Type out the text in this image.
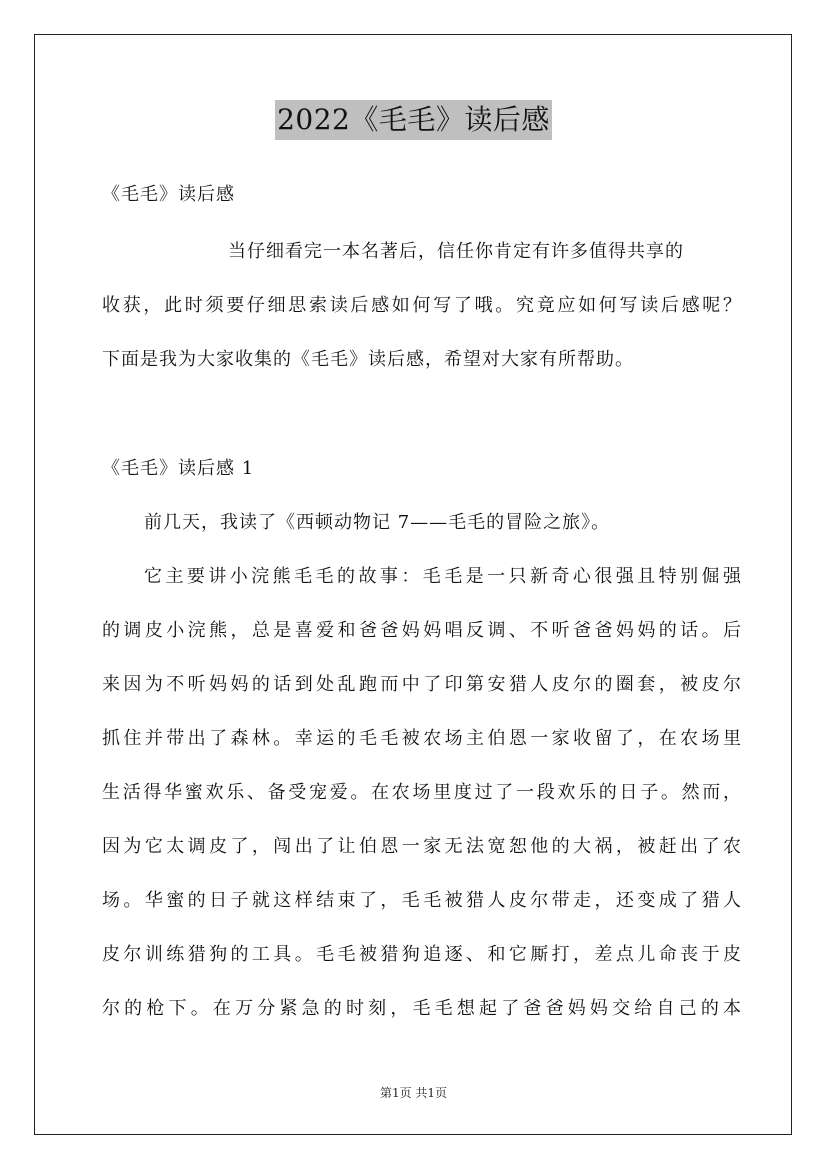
2022《毛毛》读后感
《毛毛》读后感
当仔细看完一本名著后，信任你肯定有许多值得共享的
收获，此时须要仔细思索读后感如何写了哦。究竟应如何写读后感呢？
下面是我为大家收集的《毛毛》读后感，希望对大家有所帮助。
《毛毛》读后感 1
前几天，我读了《西顿动物记 7——毛毛的冒险之旅》。
它主要讲小浣熊毛毛的故事：毛毛是一只新奇心很强且特别倔强
的调皮小浣熊，总是喜爱和爸爸妈妈唱反调、不听爸爸妈妈的话。后
来因为不听妈妈的话到处乱跑而中了印第安猎人皮尔的圈套，被皮尔
抓住并带出了森林。幸运的毛毛被农场主伯恩一家收留了，在农场里
生活得华蜜欢乐、备受宠爱。在农场里度过了一段欢乐的日子。然而，
因为它太调皮了，闯出了让伯恩一家无法宽恕他的大祸，被赶出了农
场。华蜜的日子就这样结束了，毛毛被猎人皮尔带走，还变成了猎人
皮尔训练猎狗的工具。毛毛被猎狗追逐、和它厮打，差点儿命丧于皮
尔的枪下。在万分紧急的时刻，毛毛想起了爸爸妈妈交给自己的本
第1页 共1页
